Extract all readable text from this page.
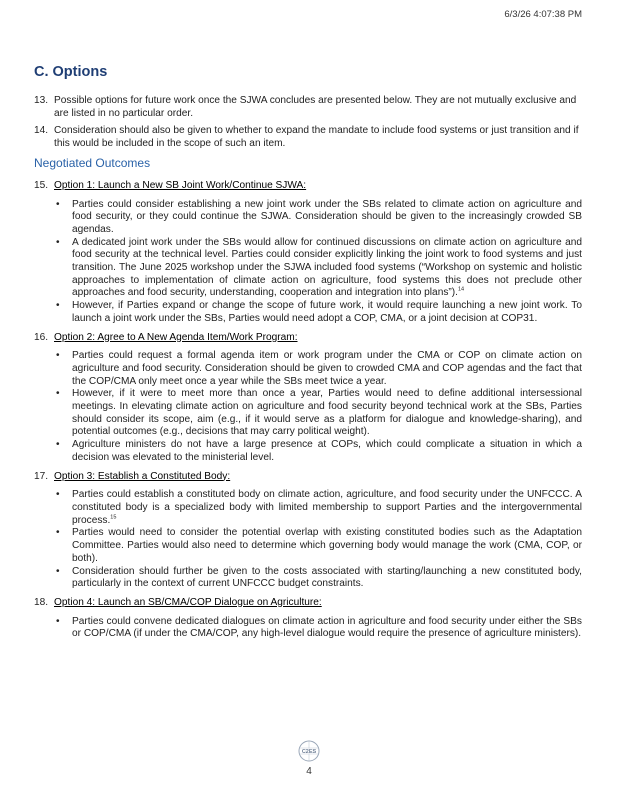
6/3/26 4:07:38 PM
C. Options
13. Possible options for future work once the SJWA concludes are presented below. They are not mutually exclusive and are listed in no particular order.
14. Consideration should also be given to whether to expand the mandate to include food systems or just transition and if this would be included in the scope of such an item.
Negotiated Outcomes
15. Option 1: Launch a New SB Joint Work/Continue SJWA:
• Parties could consider establishing a new joint work under the SBs related to climate action on agriculture and food security, or they could continue the SJWA. Consideration should be given to the increasingly crowded SB agendas.
• A dedicated joint work under the SBs would allow for continued discussions on climate action on agriculture and food security at the technical level. Parties could consider explicitly linking the joint work to food systems and just transition. The June 2025 workshop under the SJWA included food systems (“Workshop on systemic and holistic approaches to implementation of climate action on agriculture, food systems this does not preclude other approaches and food security, understanding, cooperation and integration into plans”).$^{14}$
• However, if Parties expand or change the scope of future work, it would require launching a new joint work. To launch a joint work under the SBs, Parties would need adopt a COP, CMA, or a joint decision at COP31.
16. Option 2: Agree to A New Agenda Item/Work Program:
• Parties could request a formal agenda item or work program under the CMA or COP on climate action on agriculture and food security. Consideration should be given to crowded CMA and COP agendas and the fact that the COP/CMA only meet once a year while the SBs meet twice a year.
• However, if it were to meet more than once a year, Parties would need to define additional intersessional meetings. In elevating climate action on agriculture and food security beyond technical work at the SBs, Parties should consider its scope, aim (e.g., if it would serve as a platform for dialogue and knowledge-sharing), and potential outcomes (e.g., decisions that may carry political weight).
• Agriculture ministers do not have a large presence at COPs, which could complicate a situation in which a decision was elevated to the ministerial level.
17. Option 3: Establish a Constituted Body:
• Parties could establish a constituted body on climate action, agriculture, and food security under the UNFCCC. A constituted body is a specialized body with limited membership to support Parties and the intergovernmental process.$^{15}$
• Parties would need to consider the potential overlap with existing constituted bodies such as the Adaptation Committee. Parties would also need to determine which governing body would manage the work (CMA, COP, or both).
• Consideration should further be given to the costs associated with starting/launching a new constituted body, particularly in the context of current UNFCCC budget constraints.
18. Option 4: Launch an SB/CMA/COP Dialogue on Agriculture:
• Parties could convene dedicated dialogues on climate action in agriculture and food security under either the SBs or COP/CMA (if under the CMA/COP, any high-level dialogue would require the presence of agriculture ministers).
C2ES
4
